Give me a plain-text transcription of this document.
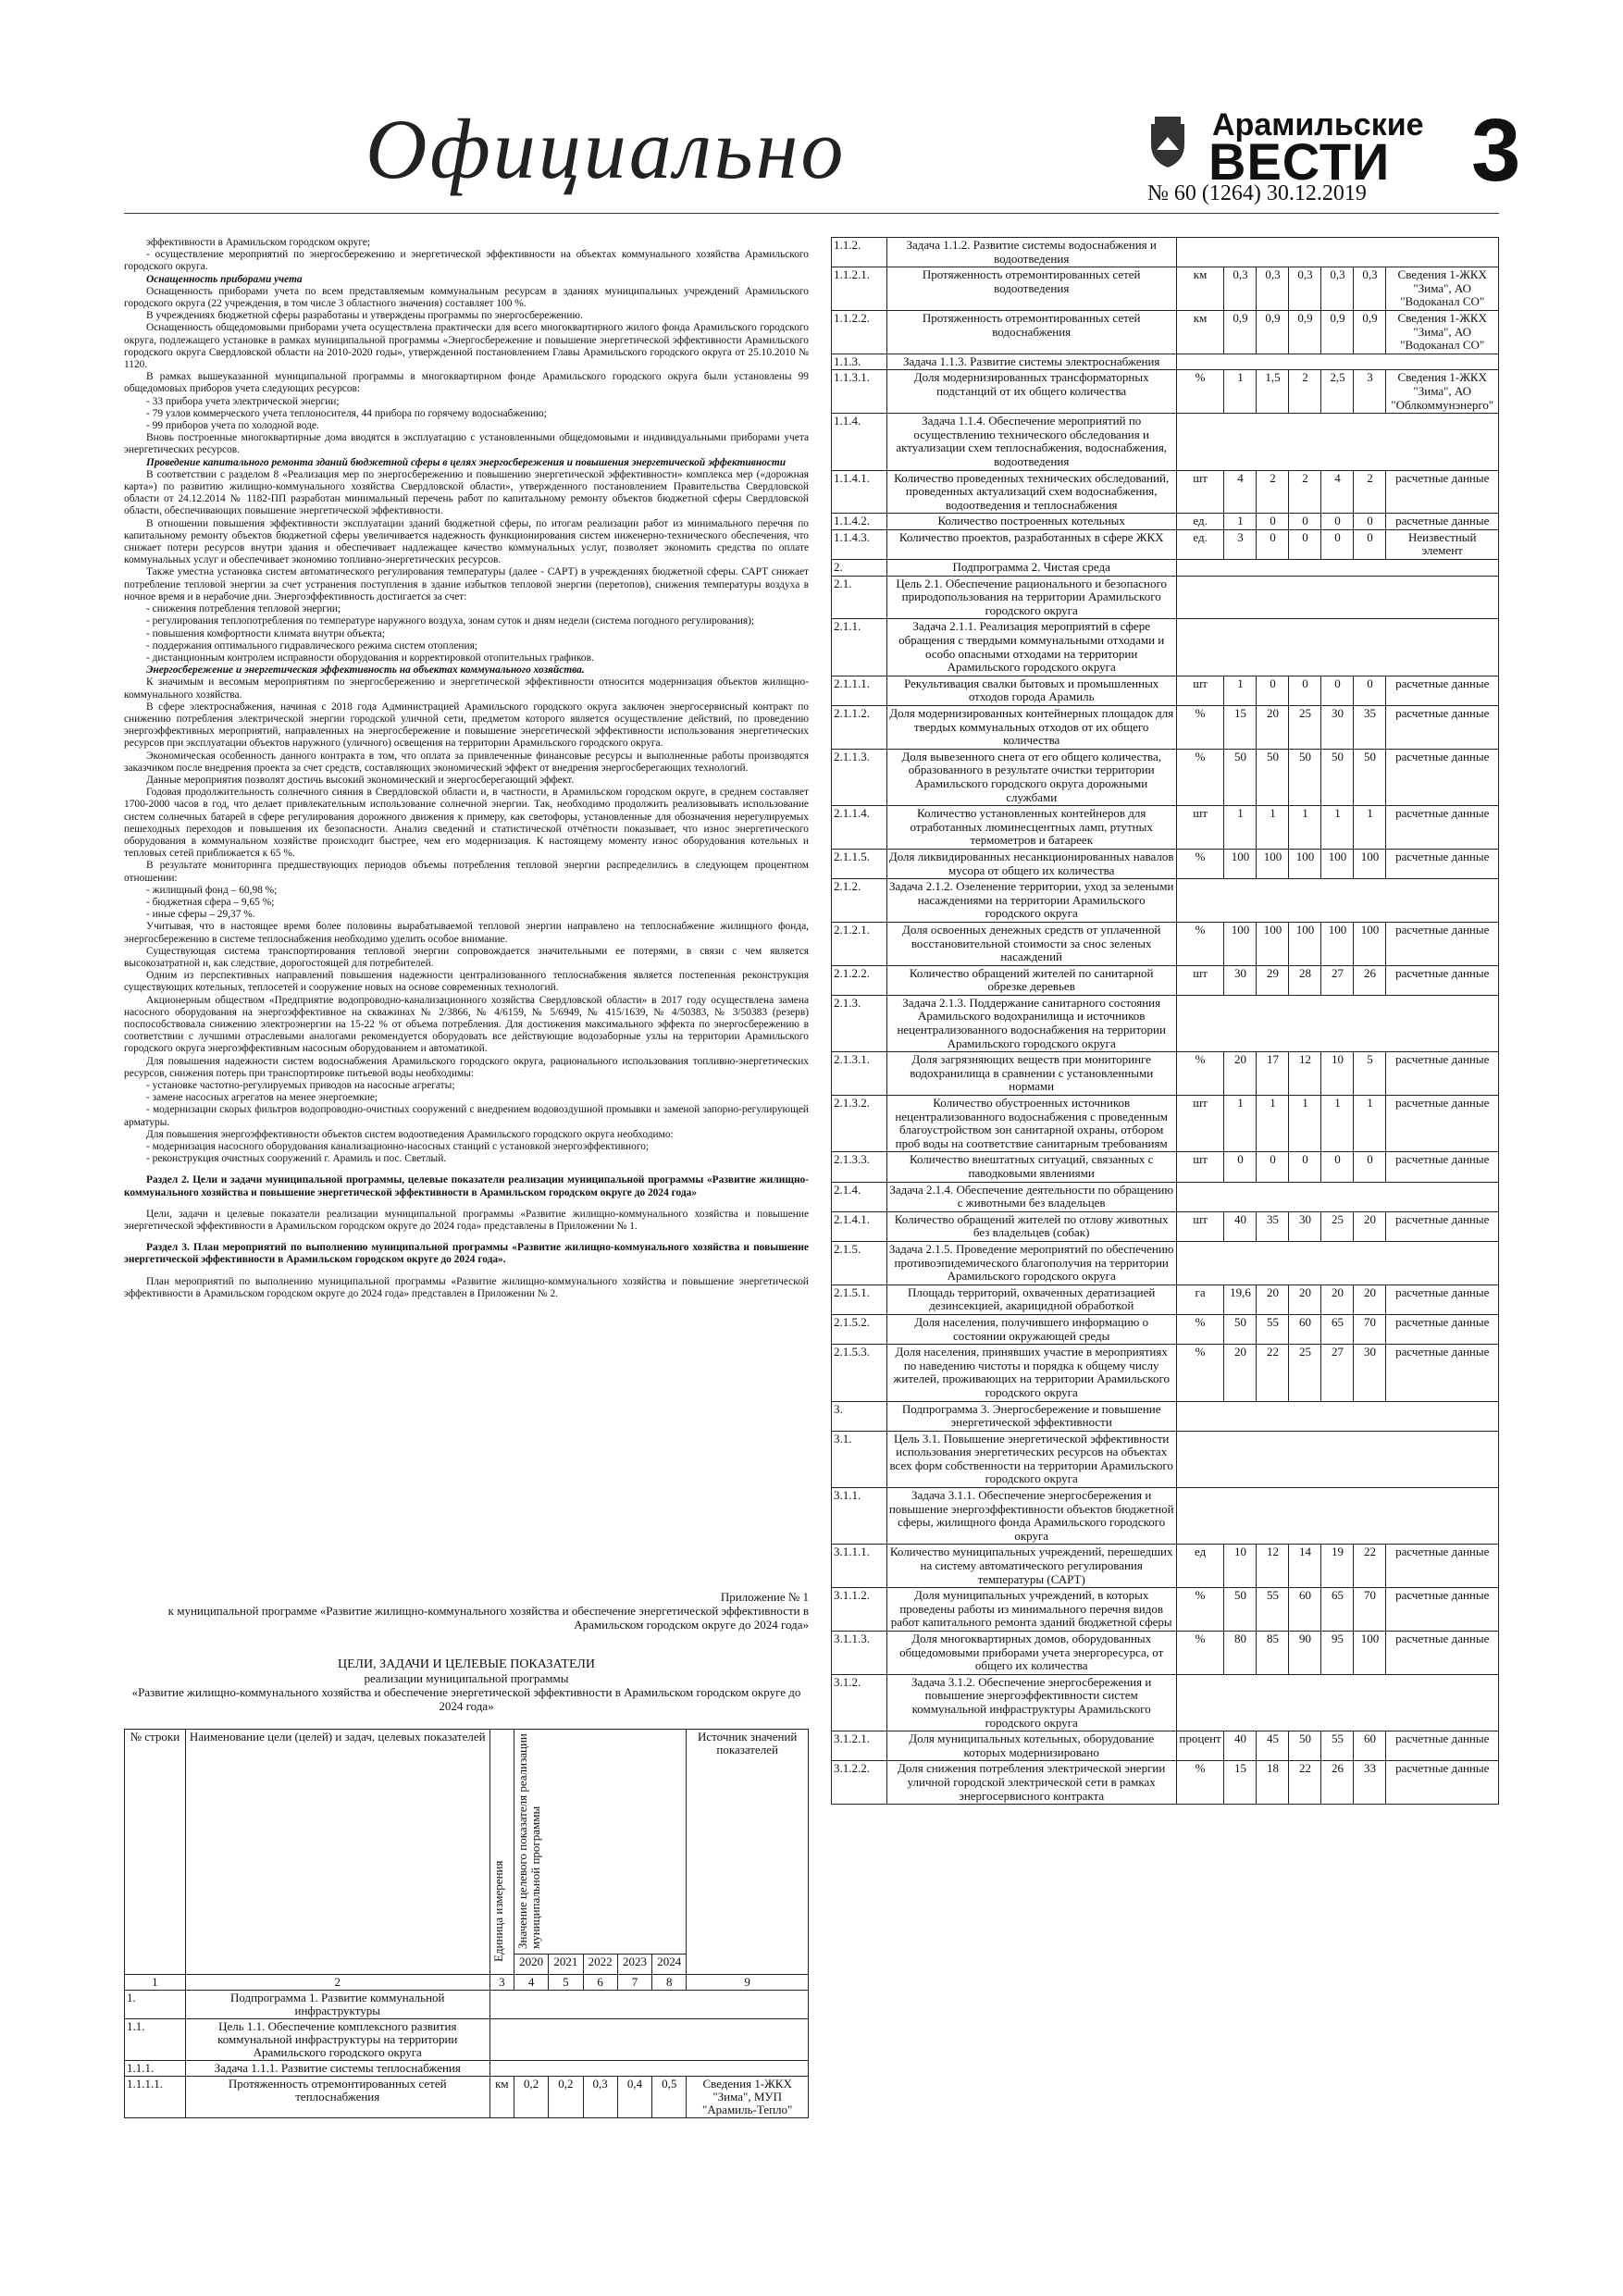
Официально	Арамильские
ВЕСТИ
№ 60 (1264) 30.12.2019 3

эффективности в Арамильском городском округе;

- осуществление мероприятий по энергосбережению и энергетической эффективности на объектах коммунального хозяйства Арамильского городского округа.

Оснащенность приборами учета

Оснащенность приборами учета по всем представляемым коммунальным ресурсам в зданиях муниципальных учреждений Арамильского городского округа (22 учреждения, в том числе 3 областного значения) составляет 100 %.

В учреждениях бюджетной сферы разработаны и утверждены программы по энергосбережению.

Оснащенность общедомовыми приборами учета осуществлена практически для всего многоквартирного жилого фонда Арамильского городского округа, подлежащего установке в рамках муниципальной программы «Энергосбережение и повышение энергетической эффективности Арамильского городского округа Свердловской области на 2010-2020 годы», утвержденной постановлением Главы Арамильского городского округа от 25.10.2010 № 1120.

В рамках вышеуказанной муниципальной программы в многоквартирном фонде Арамильского городского округа были установлены 99 общедомовых приборов учета следующих ресурсов:

- 33 прибора учета электрической энергии;

- 79 узлов коммерческого учета теплоносителя, 44 прибора по горячему водоснабжению;

- 99 приборов учета по холодной воде.

Вновь построенные многоквартирные дома вводятся в эксплуатацию с установленными общедомовыми и индивидуальными приборами учета энергетических ресурсов.

Проведение капитального ремонта зданий бюджетной сферы в целях энергосбережения и повышения энергетической эффективности

В соответствии с разделом 8 «Реализация мер по энергосбережению и повышению энергетической эффективности» комплекса мер («дорожная карта») по развитию жилищно-коммунального хозяйства Свердловской области», утвержденного постановлением Правительства Свердловской области от 24.12.2014 № 1182-ПП разработан минимальный перечень работ по капитальному ремонту объектов бюджетной сферы Свердловской области, обеспечивающих повышение энергетической эффективности.

В отношении повышения эффективности эксплуатации зданий бюджетной сферы, по итогам реализации работ из минимального перечня по капитальному ремонту объектов бюджетной сферы увеличивается надежность функционирования систем инженерно-технического обеспечения, что снижает потери ресурсов внутри здания и обеспечивает надлежащее качество коммунальных услуг, позволяет экономить средства по оплате коммунальных услуг и обеспечивает экономию топливно-энергетических ресурсов.

Также уместна установка систем автоматического регулирования температуры (далее - САРТ) в учреждениях бюджетной сферы. САРТ снижает потребление тепловой энергии за счет устранения поступления в здание избытков тепловой энергии (перетопов), снижения температуры воздуха в ночное время и в нерабочие дни. Энергоэффективность достигается за счет:

- снижения потребления тепловой энергии;

- регулирования теплопотребления по температуре наружного воздуха, зонам суток и дням недели (система погодного регулирования);

- повышения комфортности климата внутри объекта;

- поддержания оптимального гидравлического режима систем отопления;

- дистанционным контролем исправности оборудования и корректировкой отопительных графиков.

Энергосбережение и энергетическая эффективность на объектах коммунального хозяйства.

К значимым и весомым мероприятиям по энергосбережению и энергетической эффективности относится модернизация объектов жилищно-коммунального хозяйства.

В сфере электроснабжения, начиная с 2018 года Администрацией Арамильского городского округа заключен энергосервисный контракт по снижению потребления электрической энергии городской уличной сети, предметом которого является осуществление действий, по проведению энергоэффективных мероприятий, направленных на энергосбережение и повышение энергетической эффективности использования энергетических ресурсов при эксплуатации объектов наружного (уличного) освещения на территории Арамильского городского округа.

Экономическая особенность данного контракта в том, что оплата за привлеченные финансовые ресурсы и выполненные работы производятся заказчиком после внедрения проекта за счет средств, составляющих экономический эффект от внедрения энергосберегающих технологий.

Данные мероприятия позволят достичь высокий экономический и энергосберегающий эффект.

Годовая продолжительность солнечного сияния в Свердловской области и, в частности, в Арамильском городском округе, в среднем составляет 1700-2000 часов в год, что делает привлекательным использование солнечной энергии. Так, необходимо продолжить реализовывать использование систем солнечных батарей в сфере регулирования дорожного движения к примеру, как светофоры, установленные для обозначения нерегулируемых пешеходных переходов и повышения их безопасности. Анализ сведений и статистической отчётности показывает, что износ энергетического оборудования в коммунальном хозяйстве происходит быстрее, чем его модернизация. К настоящему моменту износ оборудования котельных и тепловых сетей приближается к 65 %.

В результате мониторинга предшествующих периодов объемы потребления тепловой энергии распределились в следующем процентном отношении:

- жилищный фонд – 60,98 %;

- бюджетная сфера – 9,65 %;

- иные сферы – 29,37 %.

Учитывая, что в настоящее время более половины вырабатываемой тепловой энергии направлено на теплоснабжение жилищного фонда, энергосбережению в системе теплоснабжения необходимо уделить особое внимание.

Существующая система транспортирования тепловой энергии сопровождается значительными ее потерями, в связи с чем является высокозатратной и, как следствие, дорогостоящей для потребителей.

Одним из перспективных направлений повышения надежности централизованного теплоснабжения является постепенная реконструкция существующих котельных, теплосетей и сооружение новых на основе современных технологий.

Акционерным обществом «Предприятие водопроводно-канализационного хозяйства Свердловской области» в 2017 году осуществлена замена насосного оборудования на энергоэффективное на скважинах № 2/3866, № 4/6159, № 5/6949, № 415/1639, № 4/50383, № 3/50383 (резерв) поспособствовала снижению электроэнергии на 15-22 % от объема потребления. Для достижения максимального эффекта по энергосбережению в соответствии с лучшими отраслевыми аналогами рекомендуется оборудовать все действующие водозаборные узлы на территории Арамильского городского округа энергоэффективным насосным оборудованием и автоматикой.

Для повышения надежности систем водоснабжения Арамильского городского округа, рационального использования топливно-энергетических ресурсов, снижения потерь при транспортировке питьевой воды необходимы:

- установке частотно-регулируемых приводов на насосные агрегаты;

- замене насосных агрегатов на менее энергоемкие;

- модернизации скорых фильтров водопроводно-очистных сооружений с внедрением водовоздушной промывки и заменой запорно-регулирующей арматуры.

Для повышения энергоэффективности объектов систем водоотведения Арамильского городского округа необходимо:

- модернизация насосного оборудования канализационно-насосных станций с установкой энергоэффективного;

- реконструкция очистных сооружений г. Арамиль и пос. Светлый.

Раздел 2. Цели и задачи муниципальной программы, целевые показатели реализации муниципальной программы «Развитие жилищно-коммунального хозяйства и повышение энергетической эффективности в Арамильском городском округе до 2024 года»

Цели, задачи и целевые показатели реализации муниципальной программы «Развитие жилищно-коммунального хозяйства и повышение энергетической эффективности в Арамильском городском округе до 2024 года» представлены в Приложении № 1.

Раздел 3. План мероприятий по выполнению муниципальной программы «Развитие жилищно-коммунального хозяйства и повышение энергетической эффективности в Арамильском городском округе до 2024 года».

План мероприятий по выполнению муниципальной программы «Развитие жилищно-коммунального хозяйства и повышение энергетической эффективности в Арамильском городском округе до 2024 года» представлен в Приложении № 2.

Приложение № 1
к муниципальной программе «Развитие жилищно-коммунального хозяйства и обеспечение энергетической эффективности в Арамильском городском округе до 2024 года»
ЦЕЛИ, ЗАДАЧИ И ЦЕЛЕВЫЕ ПОКАЗАТЕЛИ
реализации муниципальной программы
«Развитие жилищно-коммунального хозяйства и обеспечение энергетической эффективности в Арамильском городском округе до 2024 года»
№ строки	Наименование цели (целей) и задач, целевых показателей	Единица измерения	Значение целевого показателя реализации муниципальной программы					Источник значений показателей
			2020	2021	2022	2023	2024	
1	2	3	4	5	6	7	8	9
1.	Подпрограмма 1. Развитие коммунальной инфраструктуры							
1.1.	Цель 1.1. Обеспечение комплексного развития коммунальной инфраструктуры на территории Арамильского городского округа							
1.1.1.	Задача 1.1.1. Развитие системы теплоснабжения							
1.1.1.1.	Протяженность отремонтированных сетей теплоснабжения	км	0,2	0,2	0,3	0,4	0,5	Сведения 1-ЖКХ "Зима", МУП "Арамиль-Тепло"
1.1.2.	Задача 1.1.2. Развитие системы водоснабжения и водоотведения							
1.1.2.1.	Протяженность отремонтированных сетей водоотведения	км	0,3	0,3	0,3	0,3	0,3	Сведения 1-ЖКХ "Зима", АО "Водоканал СО"
1.1.2.2.	Протяженность отремонтированных сетей водоснабжения	км	0,9	0,9	0,9	0,9	0,9	Сведения 1-ЖКХ "Зима", АО "Водоканал СО"
1.1.3.	Задача 1.1.3. Развитие системы электроснабжения							
1.1.3.1.	Доля модернизированных трансформаторных подстанций от их общего количества	%	1	1,5	2	2,5	3	Сведения 1-ЖКХ "Зима", АО "Облкоммунэнерго"
1.1.4.	Задача 1.1.4. Обеспечение мероприятий по осуществлению технического обследования и актуализации схем теплоснабжения, водоснабжения, водоотведения							
1.1.4.1.	Количество проведенных технических обследований, проведенных актуализаций схем водоснабжения, водоотведения и теплоснабжения	шт	4	2	2	4	2	расчетные данные
1.1.4.2.	Количество построенных котельных	ед.	1	0	0	0	0	расчетные данные
1.1.4.3.	Количество проектов, разработанных в сфере ЖКХ	ед.	3	0	0	0	0	Неизвестный элемент
2.	Подпрограмма 2. Чистая среда							
2.1.	Цель 2.1. Обеспечение рационального и безопасного природопользования на территории Арамильского городского округа							
2.1.1.	Задача 2.1.1. Реализация мероприятий в сфере обращения с твердыми коммунальными отходами и особо опасными отходами на территории Арамильского городского округа							
2.1.1.1.	Рекультивация свалки бытовых и промышленных отходов города Арамиль	шт	1	0	0	0	0	расчетные данные
2.1.1.2.	Доля модернизированных контейнерных площадок для твердых коммунальных отходов от их общего количества	%	15	20	25	30	35	расчетные данные
2.1.1.3.	Доля вывезенного снега от его общего количества, образованного в результате очистки территории Арамильского городского округа дорожными службами	%	50	50	50	50	50	расчетные данные
2.1.1.4.	Количество установленных контейнеров для отработанных люминесцентных ламп, ртутных термометров и батареек	шт	1	1	1	1	1	расчетные данные
2.1.1.5.	Доля ликвидированных несанкционированных навалов мусора от общего их количества	%	100	100	100	100	100	расчетные данные
2.1.2.	Задача 2.1.2. Озеленение территории, уход за зелеными насаждениями на территории Арамильского городского округа							
2.1.2.1.	Доля освоенных денежных средств от уплаченной восстановительной стоимости за снос зеленых насаждений	%	100	100	100	100	100	расчетные данные
2.1.2.2.	Количество обращений жителей по санитарной обрезке деревьев	шт	30	29	28	27	26	расчетные данные
2.1.3.	Задача 2.1.3. Поддержание санитарного состояния Арамильского водохранилища и источников нецентрализованного водоснабжения на территории Арамильского городского округа							
2.1.3.1.	Доля загрязняющих веществ при мониторинге водохранилища в сравнении с установленными нормами	%	20	17	12	10	5	расчетные данные
2.1.3.2.	Количество обустроенных источников нецентрализованного водоснабжения с проведенным благоустройством зон санитарной охраны, отбором проб воды на соответствие санитарным требованиям	шт	1	1	1	1	1	расчетные данные
2.1.3.3.	Количество внештатных ситуаций, связанных с паводковыми явлениями	шт	0	0	0	0	0	расчетные данные
2.1.4.	Задача 2.1.4. Обеспечение деятельности по обращению с животными без владельцев							
2.1.4.1.	Количество обращений жителей по отлову животных без владельцев (собак)	шт	40	35	30	25	20	расчетные данные
2.1.5.	Задача 2.1.5. Проведение мероприятий по обеспечению противоэпидемического благополучия на территории Арамильского городского округа							
2.1.5.1.	Площадь территорий, охваченных дератизацией дезинсекцией, акарицидной обработкой	га	19,6	20	20	20	20	расчетные данные
2.1.5.2.	Доля населения, получившего информацию о состоянии окружающей среды	%	50	55	60	65	70	расчетные данные
2.1.5.3.	Доля населения, принявших участие в мероприятиях по наведению чистоты и порядка к общему числу жителей, проживающих на территории Арамильского городского округа	%	20	22	25	27	30	расчетные данные
3.	Подпрограмма 3. Энергосбережение и повышение энергетической эффективности							
3.1.	Цель 3.1. Повышение энергетической эффективности использования энергетических ресурсов на объектах всех форм собственности на территории Арамильского городского округа							
3.1.1.	Задача 3.1.1. Обеспечение энергосбережения и повышение энергоэффективности объектов бюджетной сферы, жилищного фонда Арамильского городского округа							
3.1.1.1.	Количество муниципальных учреждений, перешедших на систему автоматического регулирования температуры (САРТ)	ед	10	12	14	19	22	расчетные данные
3.1.1.2.	Доля муниципальных учреждений, в которых проведены работы из минимального перечня видов работ капитального ремонта зданий бюджетной сферы	%	50	55	60	65	70	расчетные данные
3.1.1.3.	Доля многоквартирных домов, оборудованных общедомовыми приборами учета энергоресурса, от общего их количества	%	80	85	90	95	100	расчетные данные
3.1.2.	Задача 3.1.2. Обеспечение энергосбережения и повышение энергоэффективности систем коммунальной инфраструктуры Арамильского городского округа							
3.1.2.1.	Доля муниципальных котельных, оборудование которых модернизировано	процент	40	45	50	55	60	расчетные данные
3.1.2.2.	Доля снижения потребления электрической энергии уличной городской электрической сети в рамках энергосервисного контракта	%	15	18	22	26	33	расчетные данные
